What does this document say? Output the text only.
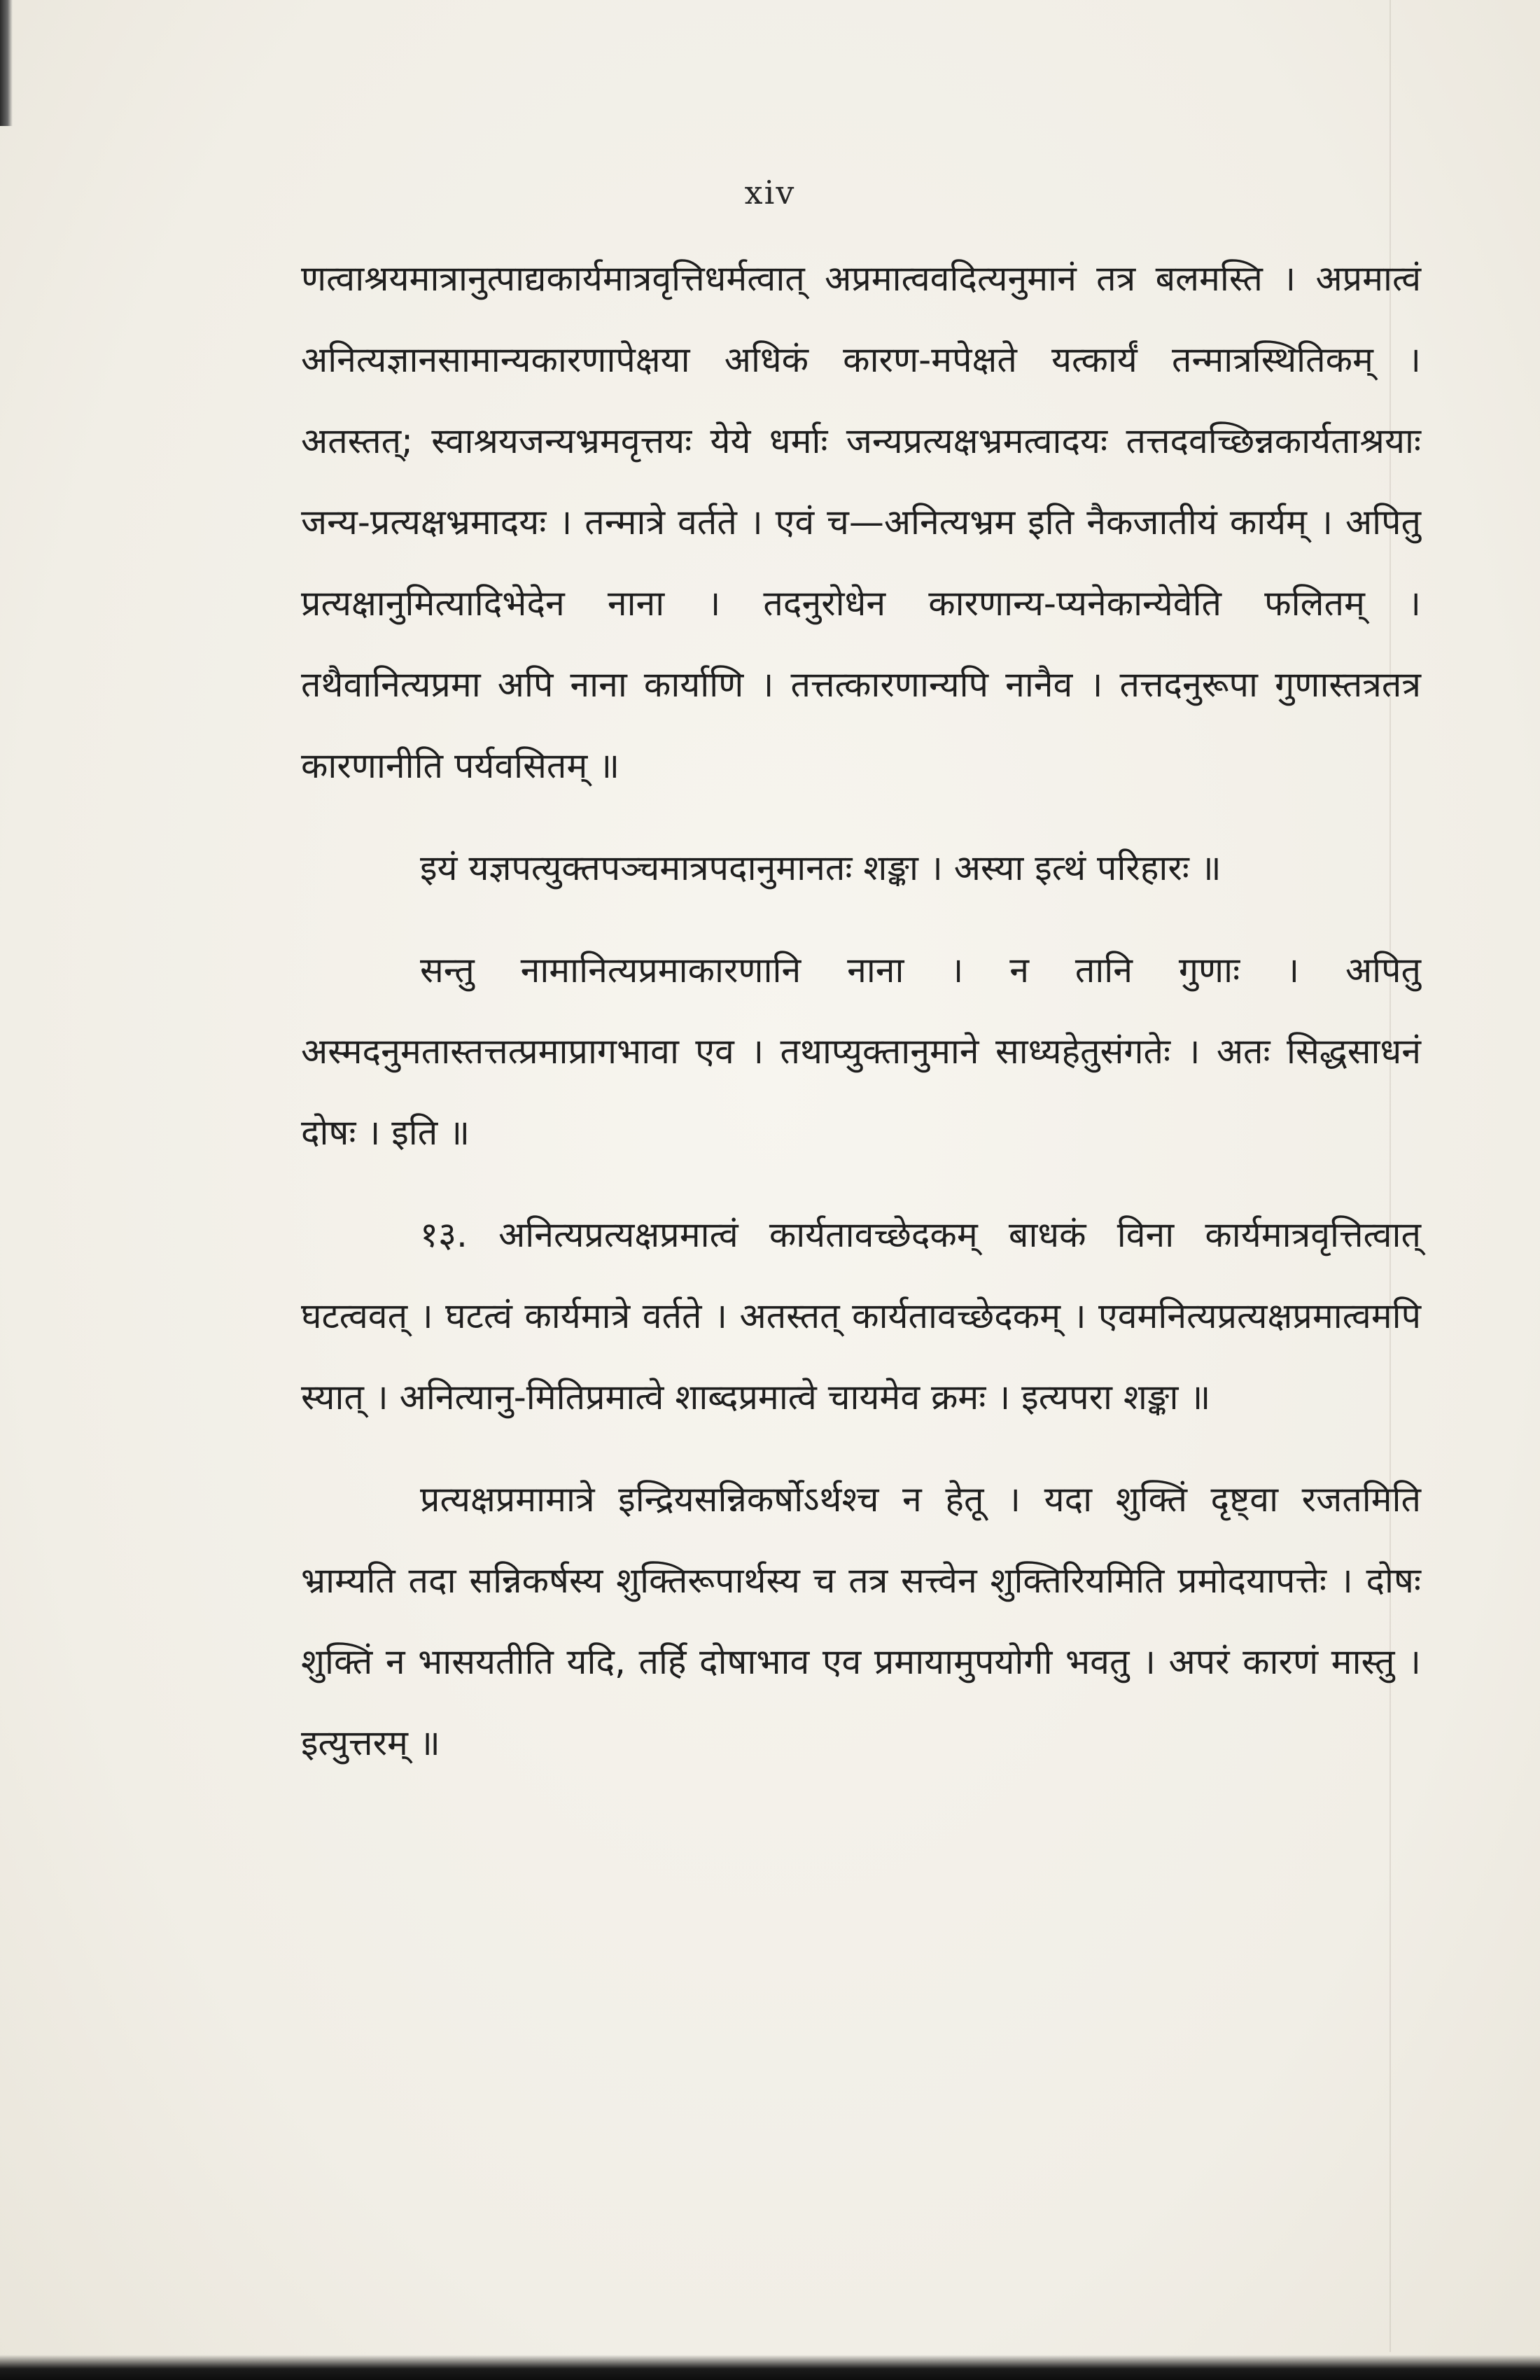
xiv

णत्वाश्रयमात्रानुत्पाद्यकार्यमात्रवृत्तिधर्मत्वात् अप्रमात्ववदित्यनुमानं तत्र बलमस्ति । अप्रमात्वं अनित्यज्ञानसामान्यकारणापेक्षया अधिकं कारण-मपेक्षते यत्कार्यं तन्मात्रस्थितिकम् । अतस्तत्; स्वाश्रयजन्यभ्रमवृत्तयः येये धर्माः जन्यप्रत्यक्षभ्रमत्वादयः तत्तदवच्छिन्नकार्यताश्रयाः जन्य-प्रत्यक्षभ्रमादयः । तन्मात्रे वर्तते । एवं च—अनित्यभ्रम इति नैकजातीयं कार्यम् । अपितु प्रत्यक्षानुमित्यादिभेदेन नाना । तदनुरोधेन कारणान्य-प्यनेकान्येवेति फलितम् । तथैवानित्यप्रमा अपि नाना कार्याणि । तत्तत्कारणान्यपि नानैव । तत्तदनुरूपा गुणास्तत्रतत्र कारणानीति पर्यवसितम् ॥

इयं यज्ञपत्युक्तपञ्चमात्रपदानुमानतः शङ्का । अस्या इत्थं परिहारः ॥

सन्तु नामानित्यप्रमाकारणानि नाना । न तानि गुणाः । अपितु अस्मदनुमतास्तत्तत्प्रमाप्रागभावा एव । तथाप्युक्तानुमाने साध्यहेतुसंगतेः । अतः सिद्धसाधनं दोषः । इति ॥

१३. अनित्यप्रत्यक्षप्रमात्वं कार्यतावच्छेदकम् बाधकं विना कार्यमात्रवृत्तित्वात् घटत्ववत् । घटत्वं कार्यमात्रे वर्तते । अतस्तत् कार्यतावच्छेदकम् । एवमनित्यप्रत्यक्षप्रमात्वमपि स्यात् । अनित्यानु-मितिप्रमात्वे शाब्दप्रमात्वे चायमेव क्रमः । इत्यपरा शङ्का ॥

प्रत्यक्षप्रमामात्रे इन्द्रियसन्निकर्षोऽर्थश्च न हेतू । यदा शुक्तिं दृष्ट्वा रजतमिति भ्राम्यति तदा सन्निकर्षस्य शुक्तिरूपार्थस्य च तत्र सत्त्वेन शुक्तिरियमिति प्रमोदयापत्तेः । दोषः शुक्तिं न भासयतीति यदि, तर्हि दोषाभाव एव प्रमायामुपयोगी भवतु । अपरं कारणं मास्तु । इत्युत्तरम् ॥
